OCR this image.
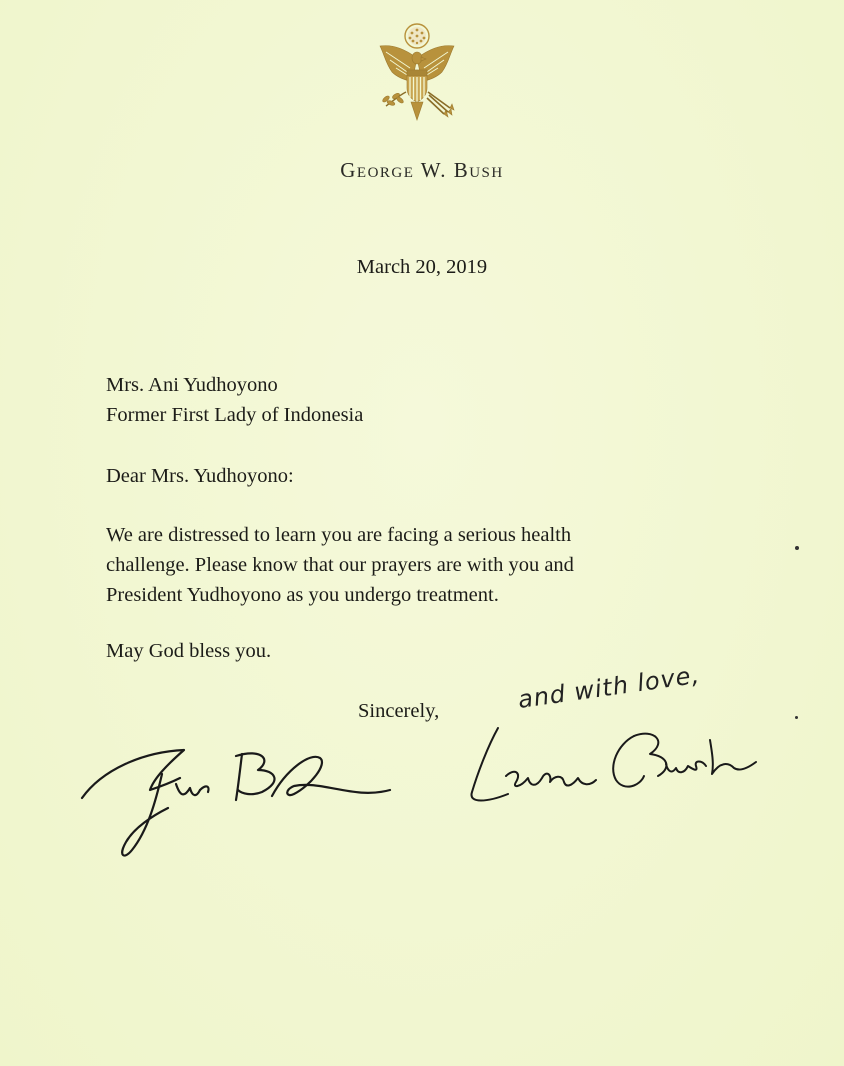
George W. Bush
March 20, 2019
Mrs. Ani Yudhoyono
Former First Lady of Indonesia
Dear Mrs. Yudhoyono:
We are distressed to learn you are facing a serious health
challenge. Please know that our prayers are with you and
President Yudhoyono as you undergo treatment.
May God bless you.
Sincerely,	and with love,
